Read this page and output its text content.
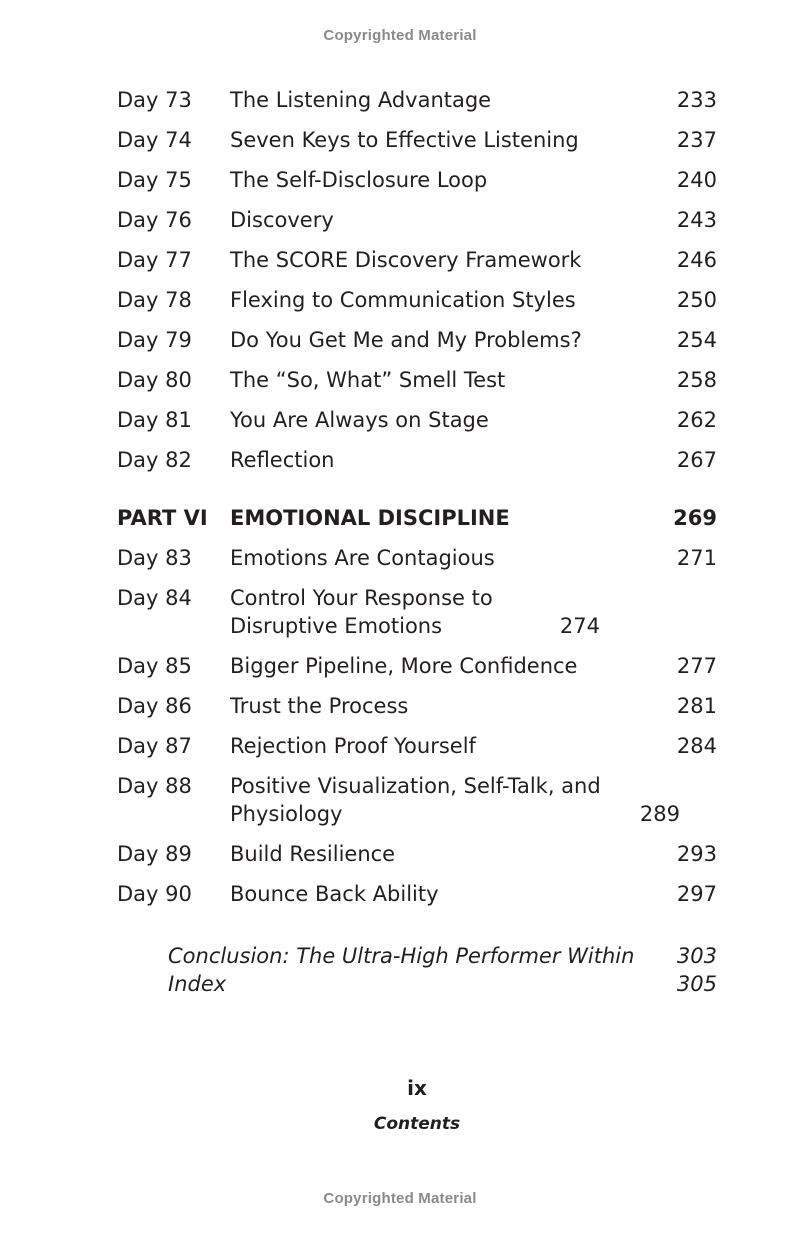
Copyrighted Material
Day 73	The Listening Advantage	233
Day 74	Seven Keys to Effective Listening	237
Day 75	The Self-Disclosure Loop	240
Day 76	Discovery	243
Day 77	The SCORE Discovery Framework	246
Day 78	Flexing to Communication Styles	250
Day 79	Do You Get Me and My Problems?	254
Day 80	The “So, What” Smell Test	258
Day 81	You Are Always on Stage	262
Day 82	Reflection	267
PART VI	EMOTIONAL DISCIPLINE	269
Day 83	Emotions Are Contagious	271
Day 84	Control Your Response to Disruptive Emotions	274
Day 85	Bigger Pipeline, More Confidence	277
Day 86	Trust the Process	281
Day 87	Rejection Proof Yourself	284
Day 88	Positive Visualization, Self-Talk, and Physiology	289
Day 89	Build Resilience	293
Day 90	Bounce Back Ability	297
Conclusion: The Ultra-High Performer Within 303
Index	305
ix
Contents
Copyrighted Material
